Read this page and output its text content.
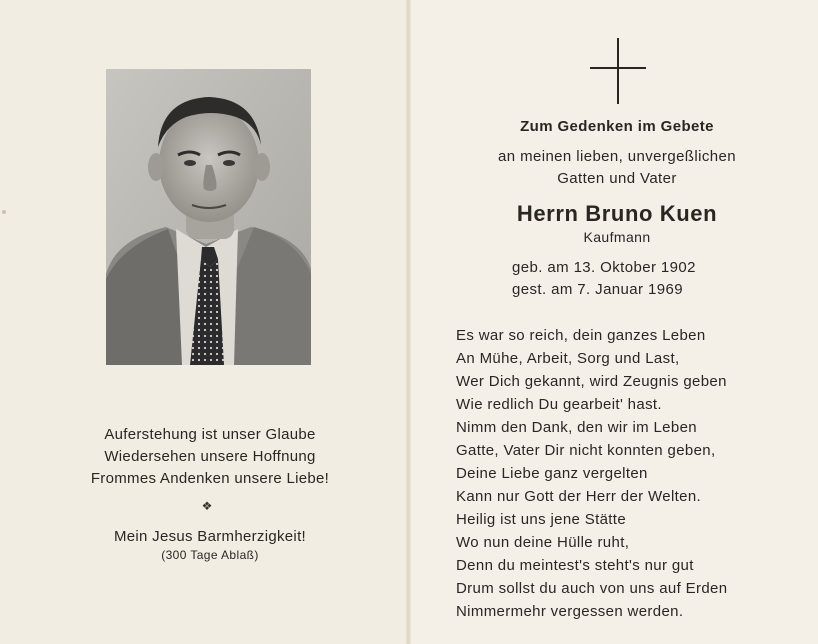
Auferstehung ist unser Glaube
Wiedersehen unsere Hoffnung
Frommes Andenken unsere Liebe!
❖
Mein Jesus Barmherzigkeit!
(300 Tage Ablaß)
Zum Gedenken im Gebete
an meinen lieben, unvergeßlichen
Gatten und Vater
Herrn Bruno Kuen
Kaufmann
geb. am 13. Oktober 1902
gest. am 7. Januar 1969
Es war so reich, dein ganzes Leben
An Mühe, Arbeit, Sorg und Last,
Wer Dich gekannt, wird Zeugnis geben
Wie redlich Du gearbeit' hast.
Nimm den Dank, den wir im Leben
Gatte, Vater Dir nicht konnten geben,
Deine Liebe ganz vergelten
Kann nur Gott der Herr der Welten.
Heilig ist uns jene Stätte
Wo nun deine Hülle ruht,
Denn du meintest's steht's nur gut
Drum sollst du auch von uns auf Erden
Nimmermehr vergessen werden.
